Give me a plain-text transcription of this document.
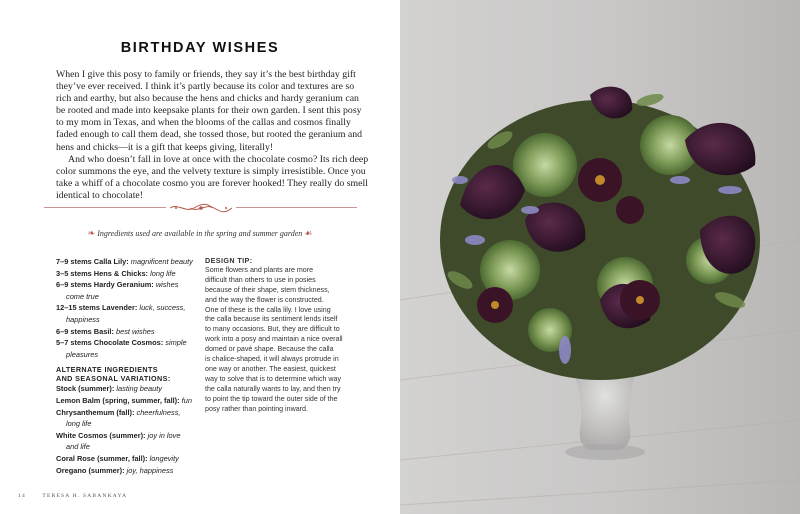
BIRTHDAY WISHES

When I give this posy to family or friends, they say it’s the best birthday gift they’ve ever received. I think it’s partly because its color and textures are so rich and earthy, but also because the hens and chicks and hardy geranium can be rooted and made into keepsake plants for their own garden. I sent this posy to my mom in Texas, and when the blooms of the callas and cosmos finally faded enough to call them dead, she tossed those, but rooted the geranium and hens and chicks—it is a gift that keeps giving, literally!

And who doesn’t fall in love at once with the chocolate cosmo? Its rich deep color summons the eye, and the velvety texture is simply irresistible. Once you take a whiff of a chocolate cosmo you are forever hooked! They really do smell identical to chocolate!

❧ Ingredients used are available in the spring and summer garden ☙
7–9 stems Calla Lily: magnificent beauty
3–5 stems Hens & Chicks: long life
6–9 stems Hardy Geranium: wishes
come true
12–15 stems Lavender: luck, success,
happiness
6–9 stems Basil: best wishes
5–7 stems Chocolate Cosmos: simple
pleasures
ALTERNATE INGREDIENTS
AND SEASONAL VARIATIONS:
Stock (summer): lasting beauty
Lemon Balm (spring, summer, fall): fun
Chrysanthemum (fall): cheerfulness,
long life
White Cosmos (summer): joy in love
and life
Coral Rose (summer, fall): longevity
Oregano (summer): joy, happiness
DESIGN TIP:
Some flowers and plants are more
difficult than others to use in posies
because of their shape, stem thickness,
and the way the flower is constructed.
One of these is the calla lily. I love using
the calla because its sentiment lends itself
to many occasions. But, they are difficult to
work into a posy and maintain a nice overall
domed or pavé shape. Because the calla
is chalice-shaped, it will always protrude in
one way or another. The easiest, quickest
way to solve that is to determine which way
the calla naturally wants to lay, and then try
to point the tip toward the outer side of the
posy rather than pointing inward.
14	TERESA H. SABANKAYA
